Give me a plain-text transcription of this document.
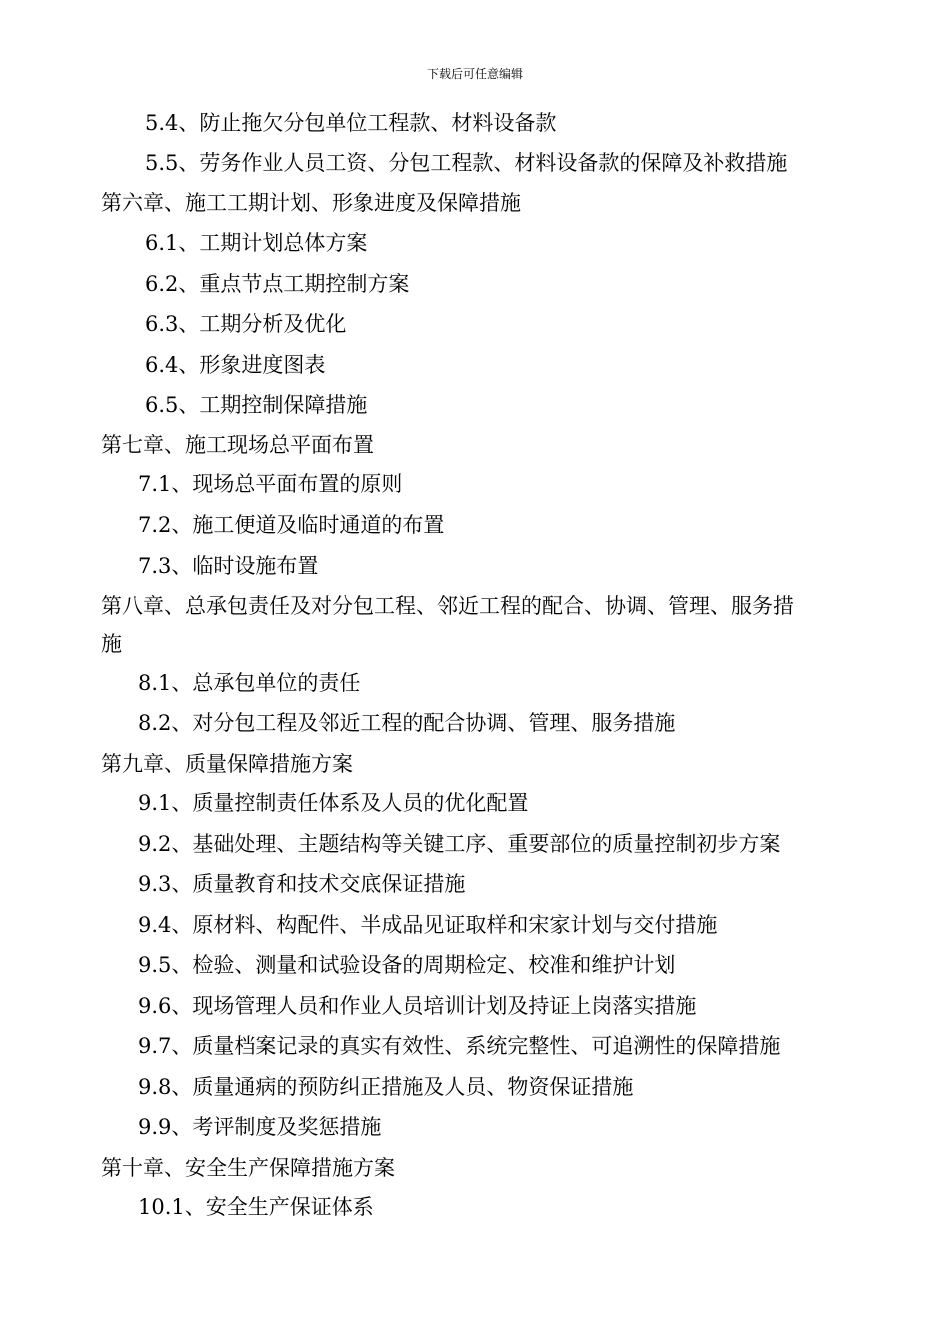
下载后可任意编辑
5.4、防止拖欠分包单位工程款、材料设备款
5.5、劳务作业人员工资、分包工程款、材料设备款的保障及补救措施
第六章、施工工期计划、形象进度及保障措施
6.1、工期计划总体方案
6.2、重点节点工期控制方案
6.3、工期分析及优化
6.4、形象进度图表
6.5、工期控制保障措施
第七章、施工现场总平面布置
7.1、现场总平面布置的原则
7.2、施工便道及临时通道的布置
7.3、临时设施布置
第八章、总承包责任及对分包工程、邻近工程的配合、协调、管理、服务措
施
8.1、总承包单位的责任
8.2、对分包工程及邻近工程的配合协调、管理、服务措施
第九章、质量保障措施方案
9.1、质量控制责任体系及人员的优化配置
9.2、基础处理、主题结构等关键工序、重要部位的质量控制初步方案
9.3、质量教育和技术交底保证措施
9.4、原材料、构配件、半成品见证取样和宋家计划与交付措施
9.5、检验、测量和试验设备的周期检定、校准和维护计划
9.6、现场管理人员和作业人员培训计划及持证上岗落实措施
9.7、质量档案记录的真实有效性、系统完整性、可追溯性的保障措施
9.8、质量通病的预防纠正措施及人员、物资保证措施
9.9、考评制度及奖惩措施
第十章、安全生产保障措施方案
10.1、安全生产保证体系
